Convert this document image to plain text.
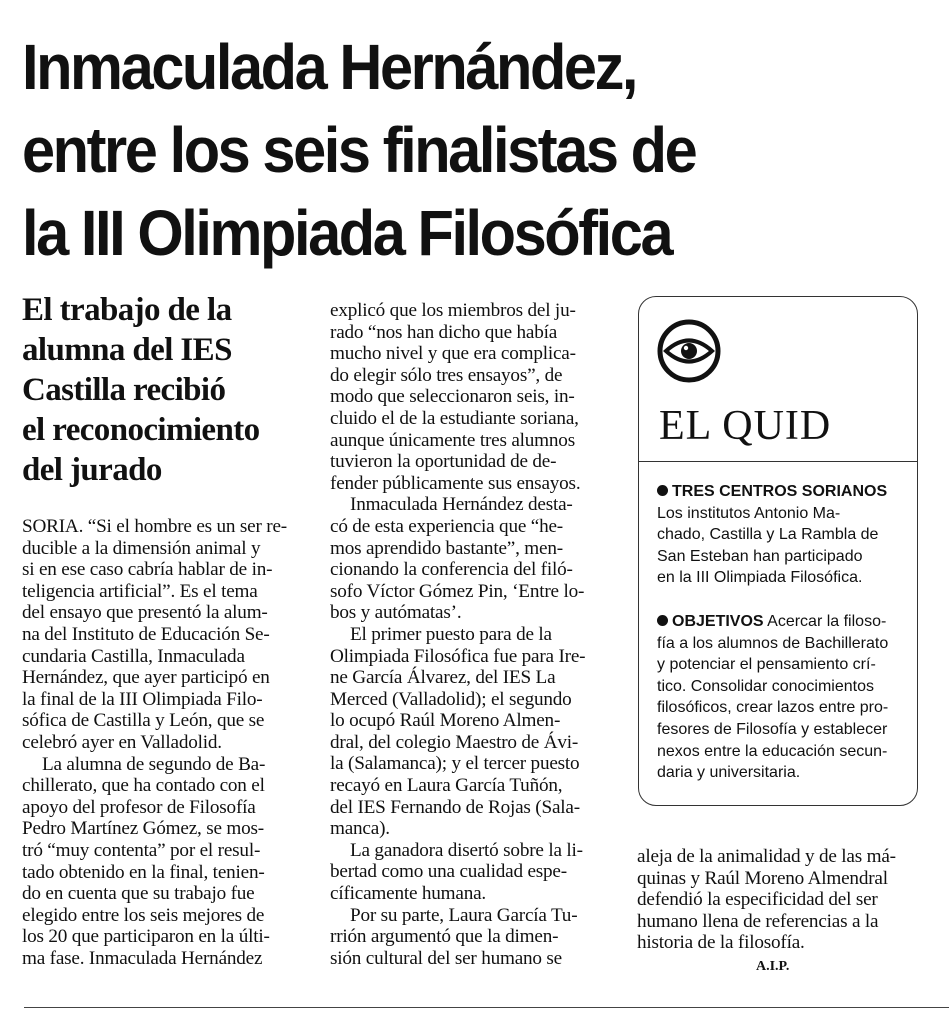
Inmaculada Hernández,
entre los seis finalistas de
la III Olimpiada Filosófica
El trabajo de la
alumna del IES
Castilla recibió
el reconocimiento
del jurado
SORIA. “Si el hombre es un ser re-
ducible a la dimensión animal y
si en ese caso cabría hablar de in-
teligencia artificial”. Es el tema
del ensayo que presentó la alum-
na del Instituto de Educación Se-
cundaria Castilla, Inmaculada
Hernández, que ayer participó en
la final de la III Olimpiada Filo-
sófica de Castilla y León, que se
celebró ayer en Valladolid.
La alumna de segundo de Ba-
chillerato, que ha contado con el
apoyo del profesor de Filosofía
Pedro Martínez Gómez, se mos-
tró “muy contenta” por el resul-
tado obtenido en la final, tenien-
do en cuenta que su trabajo fue
elegido entre los seis mejores de
los 20 que participaron en la últi-
ma fase. Inmaculada Hernández
explicó que los miembros del ju-
rado “nos han dicho que había
mucho nivel y que era complica-
do elegir sólo tres ensayos”, de
modo que seleccionaron seis, in-
cluido el de la estudiante soriana,
aunque únicamente tres alumnos
tuvieron la oportunidad de de-
fender públicamente sus ensayos.
Inmaculada Hernández desta-
có de esta experiencia que “he-
mos aprendido bastante”, men-
cionando la conferencia del filó-
sofo Víctor Gómez Pin, ‘Entre lo-
bos y autómatas’.
El primer puesto para de la
Olimpiada Filosófica fue para Ire-
ne García Álvarez, del IES La
Merced (Valladolid); el segundo
lo ocupó Raúl Moreno Almen-
dral, del colegio Maestro de Ávi-
la (Salamanca); y el tercer puesto
recayó en Laura García Tuñón,
del IES Fernando de Rojas (Sala-
manca).
La ganadora disertó sobre la li-
bertad como una cualidad espe-
cíficamente humana.
Por su parte, Laura García Tu-
rrión argumentó que la dimen-
sión cultural del ser humano se
EL QUID
TRES CENTROS SORIANOS
Los institutos Antonio Ma-
chado, Castilla y La Rambla de
San Esteban han participado
en la III Olimpiada Filosófica.
OBJETIVOS Acercar la filoso-
fía a los alumnos de Bachillerato
y potenciar el pensamiento crí-
tico. Consolidar conocimientos
filosóficos, crear lazos entre pro-
fesores de Filosofía y establecer
nexos entre la educación secun-
daria y universitaria.
aleja de la animalidad y de las má-
quinas y Raúl Moreno Almendral
defendió la especificidad del ser
humano llena de referencias a la
historia de la filosofía.
A.I.P.
